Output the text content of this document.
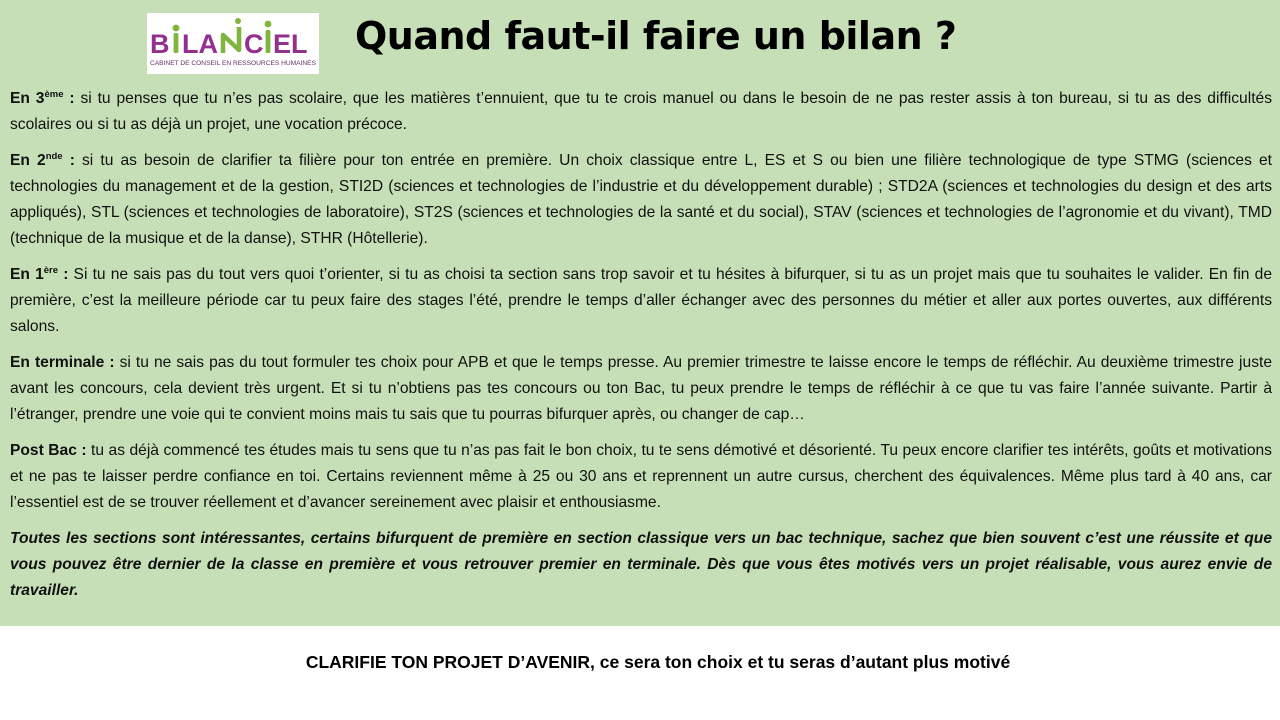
B LA C EL
CABINET DE CONSEIL EN RESSOURCES HUMAINES
Quand faut-il faire un bilan ?

En 3ème : si tu penses que tu n’es pas scolaire, que les matières t’ennuient, que tu te crois manuel ou dans le besoin de ne pas rester assis à ton bureau, si tu as des difficultés scolaires ou si tu as déjà un projet, une vocation précoce.

En 2nde : si tu as besoin de clarifier ta filière pour ton entrée en première. Un choix classique entre L, ES et S ou bien une filière technologique de type STMG (sciences et technologies du management et de la gestion, STI2D (sciences et technologies de l’industrie et du développement durable) ; STD2A (sciences et technologies du design et des arts appliqués), STL (sciences et technologies de laboratoire), ST2S (sciences et technologies de la santé et du social), STAV (sciences et technologies de l’agronomie et du vivant), TMD (technique de la musique et de la danse), STHR (Hôtellerie).

En 1ère : Si tu ne sais pas du tout vers quoi t’orienter, si tu as choisi ta section sans trop savoir et tu hésites à bifurquer, si tu as un projet mais que tu souhaites le valider. En fin de première, c’est la meilleure période car tu peux faire des stages l’été, prendre le temps d’aller échanger avec des personnes du métier et aller aux portes ouvertes, aux différents salons.

En terminale : si tu ne sais pas du tout formuler tes choix pour APB et que le temps presse. Au premier trimestre te laisse encore le temps de réfléchir. Au deuxième trimestre juste avant les concours, cela devient très urgent. Et si tu n’obtiens pas tes concours ou ton Bac, tu peux prendre le temps de réfléchir à ce que tu vas faire l’année suivante. Partir à l’étranger, prendre une voie qui te convient moins mais tu sais que tu pourras bifurquer après, ou changer de cap…

Post Bac : tu as déjà commencé tes études mais tu sens que tu n’as pas fait le bon choix, tu te sens démotivé et désorienté. Tu peux encore clarifier tes intérêts, goûts et motivations et ne pas te laisser perdre confiance en toi. Certains reviennent même à 25 ou 30 ans et reprennent un autre cursus, cherchent des équivalences. Même plus tard à 40 ans, car l’essentiel est de se trouver réellement et d’avancer sereinement avec plaisir et enthousiasme.

Toutes les sections sont intéressantes, certains bifurquent de première en section classique vers un bac technique, sachez que bien souvent c’est une réussite et que vous pouvez être dernier de la classe en première et vous retrouver premier en terminale. Dès que vous êtes motivés vers un projet réalisable, vous aurez envie de travailler.

CLARIFIE TON PROJET D’AVENIR, ce sera ton choix et tu seras d’autant plus motivé
